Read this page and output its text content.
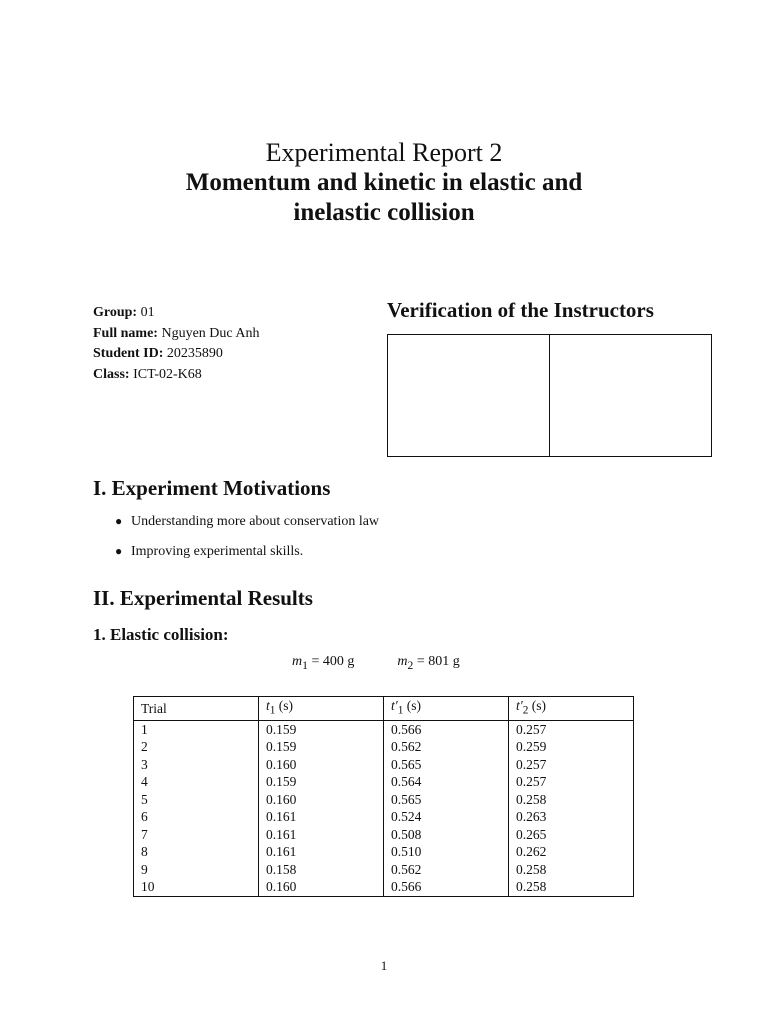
Experimental Report 2
Momentum and kinetic in elastic and
inelastic collision
Group: 01
Full name: Nguyen Duc Anh
Student ID: 20235890
Class: ICT-02-K68
Verification of the Instructors
I. Experiment Motivations
● Understanding more about conservation law
● Improving experimental skills.
II. Experimental Results
1. Elastic collision:
$m_1 = 400$ g	$m_2 = 801$ g
Trial	$t_1$ (s)	$t'_1$ (s)	$t'_2$ (s)
1	0.159	0.566	0.257
2	0.159	0.562	0.259
3	0.160	0.565	0.257
4	0.159	0.564	0.257
5	0.160	0.565	0.258
6	0.161	0.524	0.263
7	0.161	0.508	0.265
8	0.161	0.510	0.262
9	0.158	0.562	0.258
10	0.160	0.566	0.258
1
